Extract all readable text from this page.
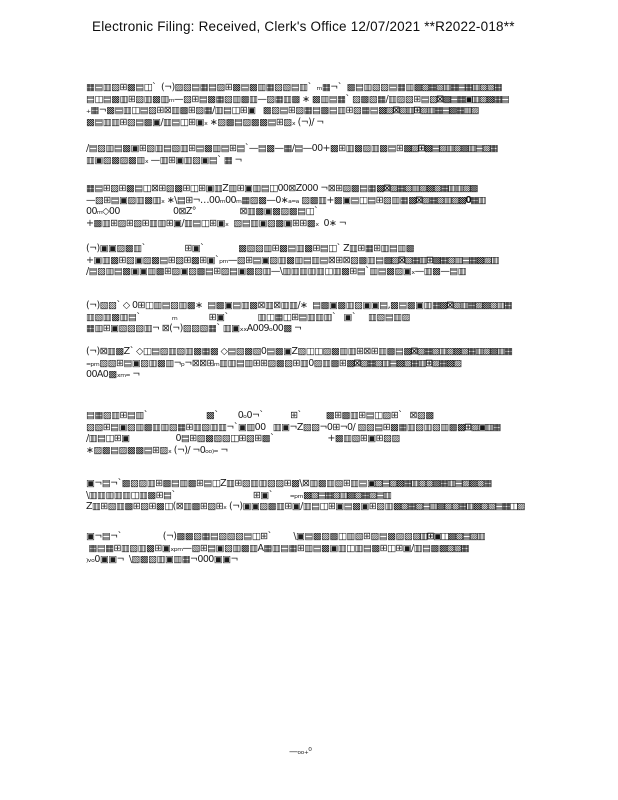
Electronic Filing: Received, Clerk's Office 12/07/2021 **R2022-018**
▦▤▥▨⊞▩▤◫`  (¬)▨▧▤▦▤▨⊞▩▤▩▥▦▨▧▤▥`  ₘ▦¬`  ▩▤▥▧▨▤▦▥▩▨▦▧▥▦▤▦▥▨▧▦
▤◫▤▩▥⊞▨▥▩▥ₘ—▧⊞▤▩▦▨▥▩▥—▨▦▥▩ ∗ ▩▥▤▦` ▨▩▧▦/▥▨▧⊞▤▧⊠▩▤▦▣▥▨▩▦▤
₊▦¬▩▤▥◫▤▨⊞⊠▥▩⊞▨▦/▥▤◫⊞▣   ▩▧▤⊞▨▦▤▩▤▥⊞▨▦▤▩▨⊠▧▥⊞▨▥▦▤▩▦▥▨
▩▤▥▥⊞▨▤▩▣/▥▤◫⊞▣ₓ ∗▨▩▤▨▩▩▤⊞▨ₓ (¬)/ ¬
/▤▨▥▤▩▣⊞▧▥▤▧▥⊞▤▩▥▤⊞▤`—▤▩—▦/▤—00+▩⊞▥▩▨▥▩▤⊞▩▨⊞▩▤▨▥▨▩▥▤▨▦
▥▣▨▩▨▩▥ₓ —▥⊞▣▥▧▣▤` ▦ ¬
▦▤⊞▨⊞▩▤◫⊠⊞▨▩⊞◫⊞▣▥Z▥⊞▣▥▤◫00⊠Z000 ¬⊠⊞▨▩▤▦▩⊠▨▦▧▥▨▩▧▦▥▥▨▩
—▧⊞▤▣▨▥▩▥ₓ ∗\▤⊞¬…00ₘ00ₘ▦▨▩—0∗ₐ₌ₐ ▨▩▥+▩▣▤◫▤⊞▨▥▦▩⊠▨▦▧▥▨▩0▦▥
00ₘ◇00                      0⊠Z°                  ⊠▥▩▣▩▨▩▤◫`
+▩▥⊞▨⊞▧⊞▥▥⊞▣/▥▤◫⊞▣ₓ  ▧▤▥▣▨▩▣⊞⊞▩ₓ  0∗ ¬
(¬)▣▣▨▩▥`                ⊞▣`              ▩▧▨▥⊞▩▤▥▩⊞▤◫` Z▥⊞▦⊞▥▤▥▩
+▣▥▩⊞▨▣▨▩▤⊞▨⊞▩⊞▣`ₚₘ—▧⊞▤▣▨▥▩▥▤▥▤⊠⊞⊠▨▩▥▤▩▨⊠▧▦▥⊞▩▦▨▥▤▦▩▨▥
/▤▨▥▤▩▣▣▥▩⊞▨▣▨▩▤⊞▨▤▣▩▨▥—\▥▥▥▥▥◫▥▩⊞▤`▥▤▩▨▣ₓ—▥▩—▤▥
(¬)▧▧` ◇ 0⊞◫▥▤▨▥▩∗  ▤▩▣▤▥▩⊠▥⊠▥▥/∗  ▤▩▣▩▥▨▣▣▤,▩▤▩▣▥▦▩⊠▧▥▦▨▩▧▥▦
▥▧▥▩▥▤`             ₘ             ⊞▣`            ▥◫▦◫⊞▤▥▥▥`   ▣`     ▥▧▤▥▨
▦▥⊞▣▧▨▧▥¬ ⊠(¬)▨▨▧▦` ▥▣ₓₓA009ₒ00▩ ¬
(¬)⊠▥▩Z` ◇◫▤▨▥▧▥▩▦▩ ◇▤▧▩▧0▤▩▣Z▧◫◫▨▩▥▥⊞⊠⊞▥▩▤▩⊠▨▦▧▥▨▩▧▦▥▨▩▥▦
₌ₚₘ▧▧⊞▤▣▨▥▩▥¬ₚ¬⊠⊠⊞ₘ▥▥▤▥⊞⊞▨▩▨⊞▥0▨▥▩⊞▩⊠▨▦▧▥▤▩▧▦▥⊞▨▦▩▨
00A0▩ₓₘ₌ ¬
▤▦▨▥⊞▤▥`                        ▩`        0ₒ0¬`           ⊞`          ▩⊞▩▥⊞▤◫▨⊞`   ⊠▨▩
▧▧⊞▤▣▨▥▩▥▥▧▦⊞▥▧▥▥¬`▣▥00   ▥▣¬Z▧▧¬0⊞¬0/ ▧▨▤⊞▩▦▥▨▥▧▥▩▩⊞▨▣▥▦
/▥▤◫⊞▣                   0▤⊞▨▩▧▧◫⊞▨⊞▩`                      +▩▥▧⊞▣⊞▧▨
∗▨▩▤▨▩▩▤⊞▨ₓ (¬)/ ¬0ₒₒ₎₌ ¬
▣¬▤¬`▩▧▨▥⊞▩▤▥▩⊞▤◫Z▥⊞▧▥▥▧▨⊞▩\⊠▥▩▥▧⊞▥▤▣▧▤▨▩▦▥▨▧▩▦▥▤▨▩▧▦
\▥▥▥▥▥◫▥▩⊞▤`                                ⊞▣`       ₌ₚₘ▩▧▤▦▨▥▩▧▦▨▤▥
Z▥⊞▧▥▩⊞▨⊞▩◫(⊠▥▩⊞▨⊞ₓ (¬)▣▣▨▩▥⊞▣/▥▤◫⊞▣▤▩▣⊞▨▥▩▧▦▨▤▥▩▨▧▦▥▩▨▧▤▦◫▨
▣¬▤¬`                 (¬)▩▩▧▦▤▧▧▨▤◫⊞`         \▣▤▩▨▩◫▥▧⊞▨▤▩▨▧▨▥⊞▣◫▩▧▤▨▥
▦▤▦⊞▥▧▥▩⊞▣ₓₚₘ—▧⊞▤▣▨▥▩▥A▦▥▤▦⊞▥▤▩▣▥◫▥▤▩⊞◫⊞▣/▥▤▩▩▨▧▦
₎ᵥₒ0▣▣¬  \▧▩▧▥▣▥▦¬000▣▣¬
—ₒₒ₊⁰
